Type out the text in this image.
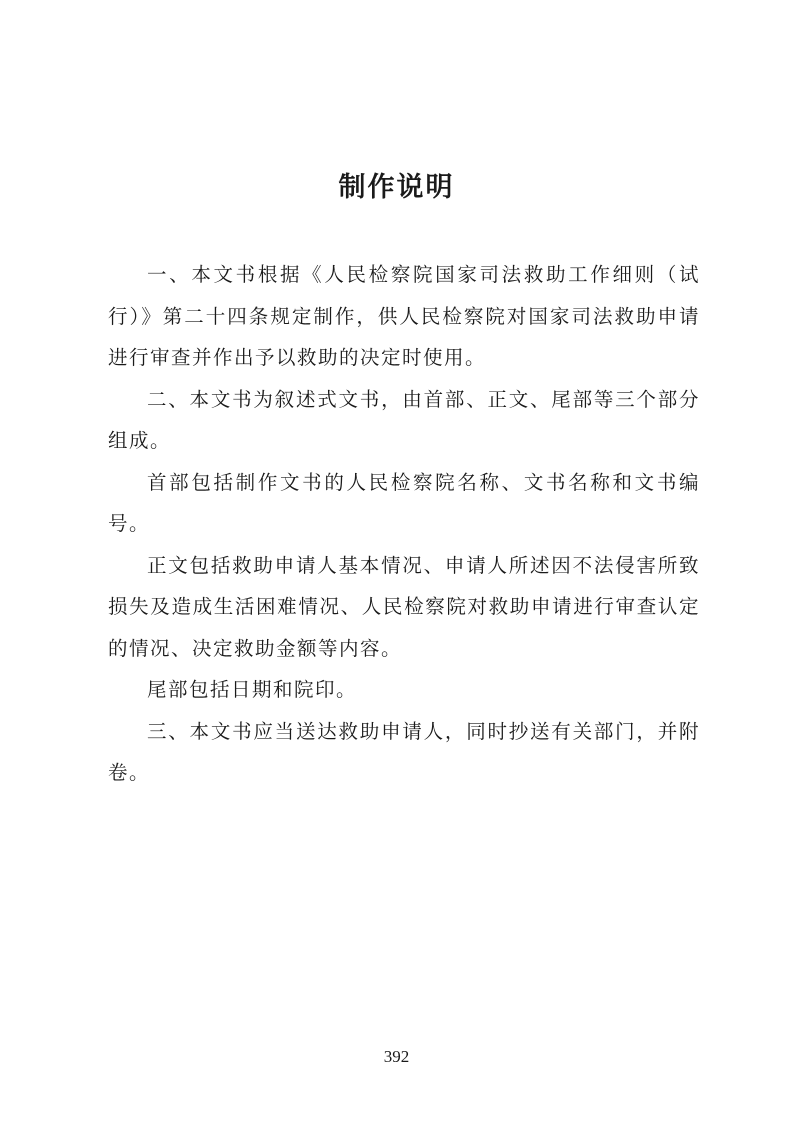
制作说明

一、本文书根据《人民检察院国家司法救助工作细则（试行）》第二十四条规定制作，供人民检察院对国家司法救助申请进行审查并作出予以救助的决定时使用。

二、本文书为叙述式文书，由首部、正文、尾部等三个部分组成。

首部包括制作文书的人民检察院名称、文书名称和文书编号。

正文包括救助申请人基本情况、申请人所述因不法侵害所致损失及造成生活困难情况、人民检察院对救助申请进行审查认定的情况、决定救助金额等内容。

尾部包括日期和院印。

三、本文书应当送达救助申请人，同时抄送有关部门，并附卷。

392
